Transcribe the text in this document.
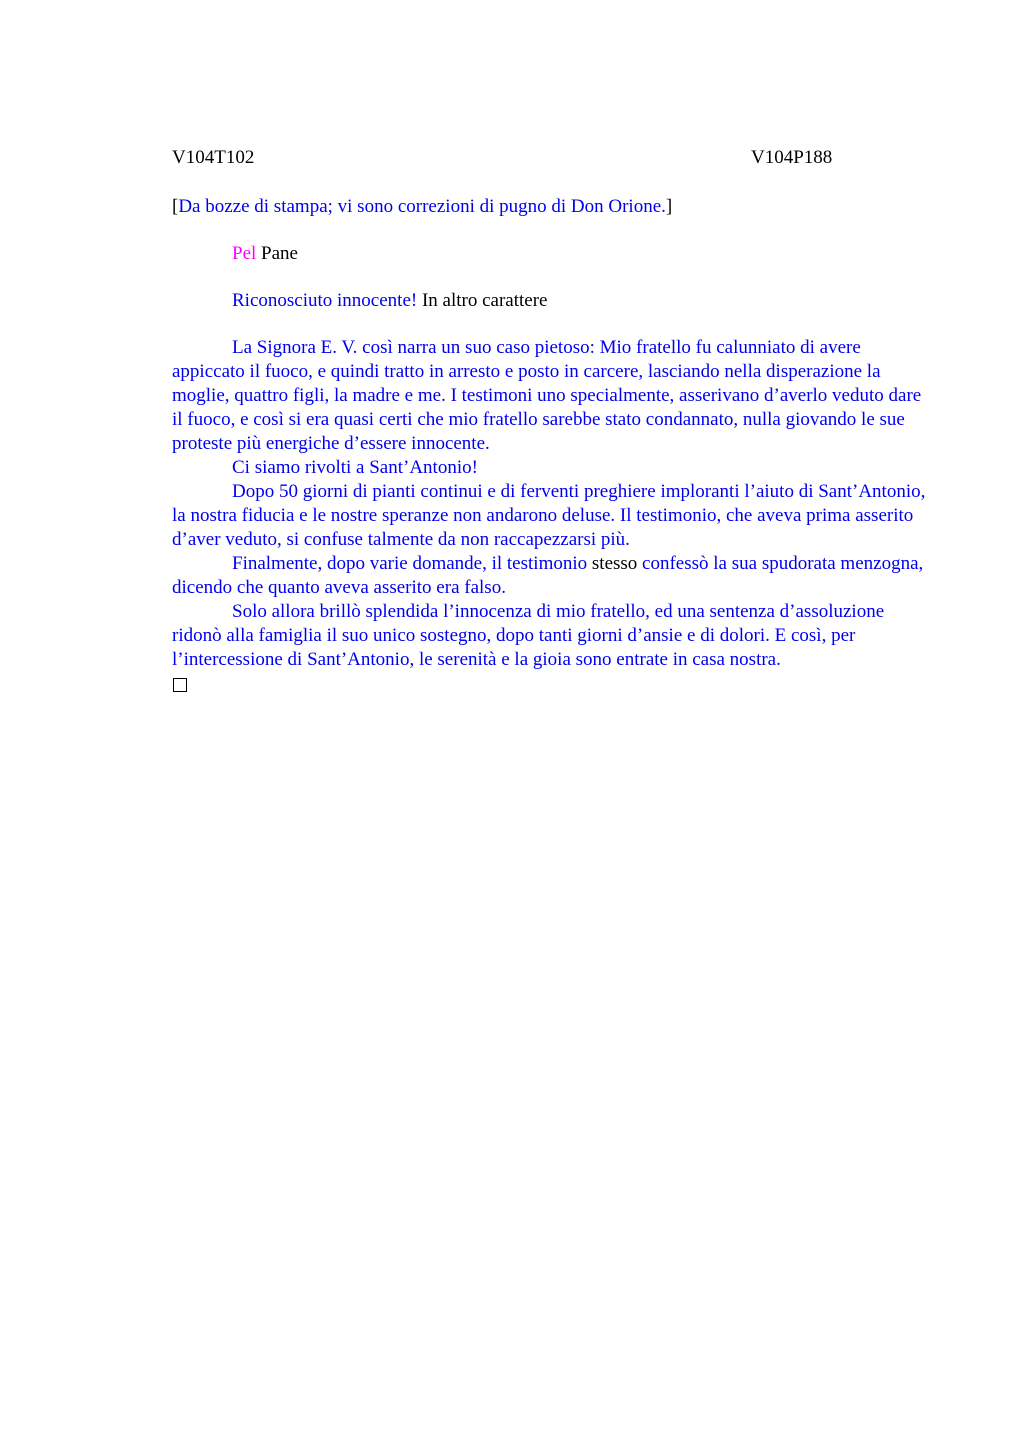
V104T102	V104P188
[Da bozze di stampa; vi sono correzioni di pugno di Don Orione.]
Pel Pane
Riconosciuto innocente! In altro carattere

La Signora E. V. così narra un suo caso pietoso: Mio fratello fu calunniato di avere appiccato il fuoco, e quindi tratto in arresto e posto in carcere, lasciando nella disperazione la moglie, quattro figli, la madre e me. I testimoni uno specialmente, asserivano d’averlo veduto dare il fuoco, e così si era quasi certi che mio fratello sarebbe stato condannato, nulla giovando le sue proteste più energiche d’essere innocente.

Ci siamo rivolti a Sant’Antonio!

Dopo 50 giorni di pianti continui e di ferventi preghiere imploranti l’aiuto di Sant’Antonio, la nostra fiducia e le nostre speranze non andarono deluse. Il testimonio, che aveva prima asserito d’aver veduto, si confuse talmente da non raccapezzarsi più.

Finalmente, dopo varie domande, il testimonio stesso confessò la sua spudorata menzogna, dicendo che quanto aveva asserito era falso.

Solo allora brillò splendida l’innocenza di mio fratello, ed una sentenza d’assoluzione ridonò alla famiglia il suo unico sostegno, dopo tanti giorni d’ansie e di dolori. E così, per l’intercessione di Sant’Antonio, le serenità e la gioia sono entrate in casa nostra.
